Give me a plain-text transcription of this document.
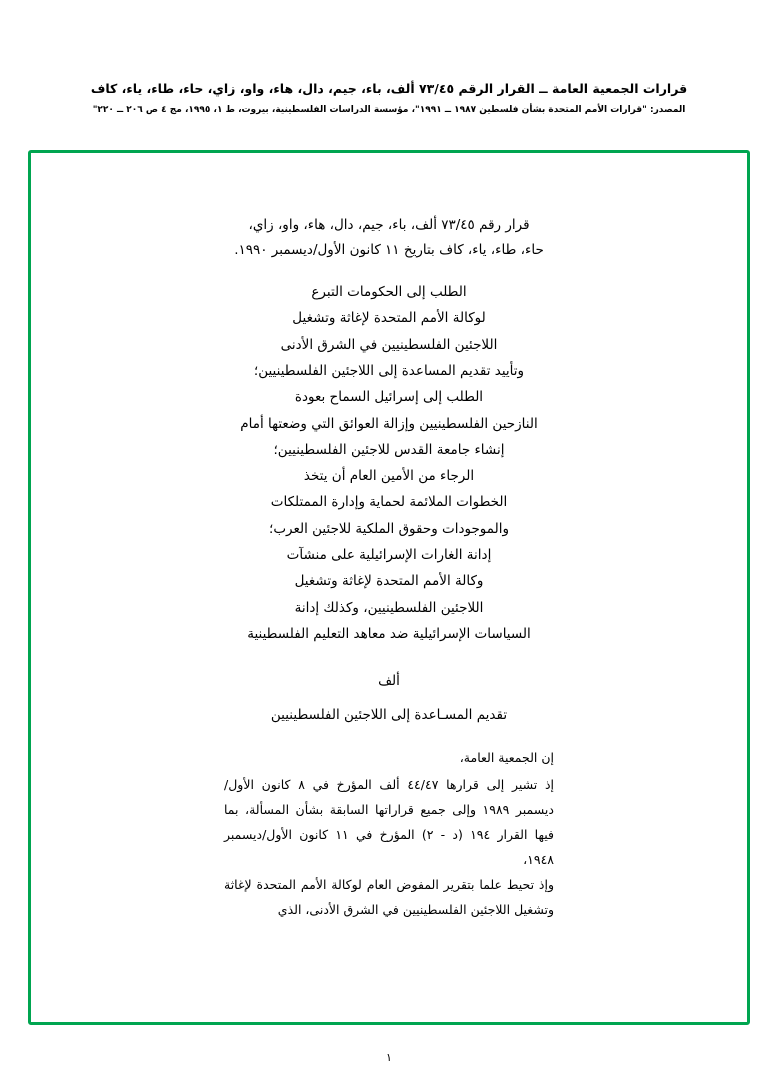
قرارات الجمعية العامة ــ القرار الرقم ٧٣/٤٥ ألف، باء، جيم، دال، هاء، واو، زاي، حاء، طاء، ياء، كاف
المصدر: "قرارات الأمم المتحدة بشأن فلسطين ١٩٨٧ ــ ١٩٩١"، مؤسسة الدراسات الفلسطينية، بيروت، ط ١، ١٩٩٥، مج ٤ ص ٢٠٦ ــ ٢٢٠"
قرار رقم ٧٣/٤٥ ألف، باء، جيم، دال، هاء، واو، زاي،
حاء، طاء، ياء، كاف بتاريخ ١١ كانون الأول/ديسمبر ١٩٩٠.
الطلب إلى الحكومات التبرع
لوكالة الأمم المتحدة لإغاثة وتشغيل
اللاجئين الفلسطينيين في الشرق الأدنى
وتأييد تقديم المساعدة إلى اللاجئين الفلسطينيين؛
الطلب إلى إسرائيل السماح بعودة
النازحين الفلسطينيين وإزالة العوائق التي وضعتها أمام
إنشاء جامعة القدس للاجئين الفلسطينيين؛
الرجاء من الأمين العام أن يتخذ
الخطوات الملائمة لحماية وإدارة الممتلكات
والموجودات وحقوق الملكية للاجئين العرب؛
إدانة الغارات الإسرائيلية على منشآت
وكالة الأمم المتحدة لإغاثة وتشغيل
اللاجئين الفلسطينيين، وكذلك إدانة
السياسات الإسرائيلية ضد معاهد التعليم الفلسطينية
ألف
تقديم المسـاعدة إلى اللاجئين الفلسطينيين
إن الجمعية العامة،

إذ تشير إلى قرارها ٤٤/٤٧ ألف المؤرخ في ٨ كانون الأول/ديسمبر ١٩٨٩ وإلى جميع قراراتها السابقة بشأن المسألة، بما فيها القرار ١٩٤ (د - ٢) المؤرخ في ١١ كانون الأول/ديسمبر ١٩٤٨،

وإذ تحيط علما بتقرير المفوض العام لوكالة الأمم المتحدة لإغاثة وتشغيل اللاجئين الفلسطينيين في الشرق الأدنى، الذي

١
